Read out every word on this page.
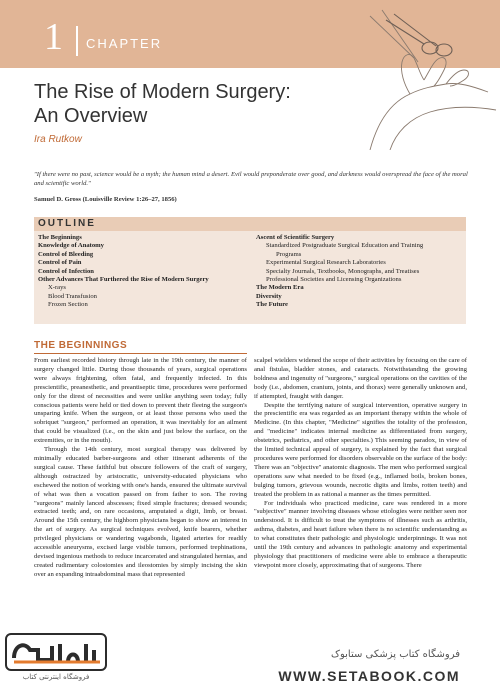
1 CHAPTER
The Rise of Modern Surgery:
An Overview
Ira Rutkow
"If there were no past, science would be a myth; the human mind a desert. Evil would preponderate over good, and darkness would overspread the face of the moral and scientific world."
Samuel D. Gross (Louisville Review 1:26–27, 1856)
OUTLINE
The Beginnings
Knowledge of Anatomy
Control of Bleeding
Control of Pain
Control of Infection
Other Advances That Furthered the Rise of Modern Surgery
X-rays
Blood Transfusion
Frozen Section
Ascent of Scientific Surgery
Standardized Postgraduate Surgical Education and Training
Programs
Experimental Surgical Research Laboratories
Specialty Journals, Textbooks, Monographs, and Treatises
Professional Societies and Licensing Organizations
The Modern Era
Diversity
The Future
THE BEGINNINGS

From earliest recorded history through late in the 19th century, the manner of surgery changed little. During those thousands of years, surgical operations were always frightening, often fatal, and frequently infected. In this prescientific, preanesthetic, and preantiseptic time, procedures were performed only for the direst of necessities and were unlike anything seen today; fully conscious patients were held or tied down to prevent their fleeing the surgeon's unsparing knife. When the surgeon, or at least those persons who used the sobriquet "surgeon," performed an operation, it was inevitably for an ailment that could be visualized (i.e., on the skin and just below the surface, on the extremities, or in the mouth).

Through the 14th century, most surgical therapy was delivered by minimally educated barber-surgeons and other itinerant adherents of the surgical cause. These faithful but obscure followers of the craft of surgery, although ostracized by aristocratic, university-educated physicians who eschewed the notion of working with one's hands, ensured the ultimate survival of what was then a vocation passed on from father to son. The roving "surgeons" mainly lanced abscesses; fixed simple fractures; dressed wounds; extracted teeth; and, on rare occasions, amputated a digit, limb, or breast. Around the 15th century, the highborn physicians began to show an interest in the art of surgery. As surgical techniques evolved, knife bearers, whether privileged physicians or wandering vagabonds, ligated arteries for readily accessible aneurysms, excised large visible tumors, performed trephinations, devised ingenious methods to reduce incarcerated and strangulated hernias, and created rudimentary colostomies and ileostomies by simply incising the skin over an expanding intraabdominal mass that represented

scalpel wielders widened the scope of their activities by focusing on the care of anal fistulas, bladder stones, and cataracts. Notwithstanding the growing boldness and ingenuity of "surgeons," surgical operations on the cavities of the body (i.e., abdomen, cranium, joints, and thorax) were generally unknown and, if attempted, fraught with danger.

Despite the terrifying nature of surgical intervention, operative surgery in the prescientific era was regarded as an important therapy within the whole of Medicine. (In this chapter, "Medicine" signifies the totality of the profession, and "medicine" indicates internal medicine as differentiated from surgery, obstetrics, pediatrics, and other specialties.) This seeming paradox, in view of the limited technical appeal of surgery, is explained by the fact that surgical procedures were performed for disorders observable on the surface of the body: There was an "objective" anatomic diagnosis. The men who performed surgical operations saw what needed to be fixed (e.g., inflamed boils, broken bones, bulging tumors, grievous wounds, necrotic digits and limbs, rotten teeth) and treated the problem in as rational a manner as the times permitted.

For individuals who practiced medicine, care was rendered in a more "subjective" manner involving diseases whose etiologies were neither seen nor understood. It is difficult to treat the symptoms of illnesses such as arthritis, asthma, diabetes, and heart failure when there is no scientific understanding as to what constitutes their pathologic and physiologic underpinnings. It was not until the 19th century and advances in pathologic anatomy and experimental physiology that practitioners of medicine were able to embrace a therapeutic viewpoint more closely, approximating that of surgeons. There

فروشگاه اینترنتی کتاب
فروشگاه کتاب پزشکی ستابوک
WWW.SETABOOK.COM
